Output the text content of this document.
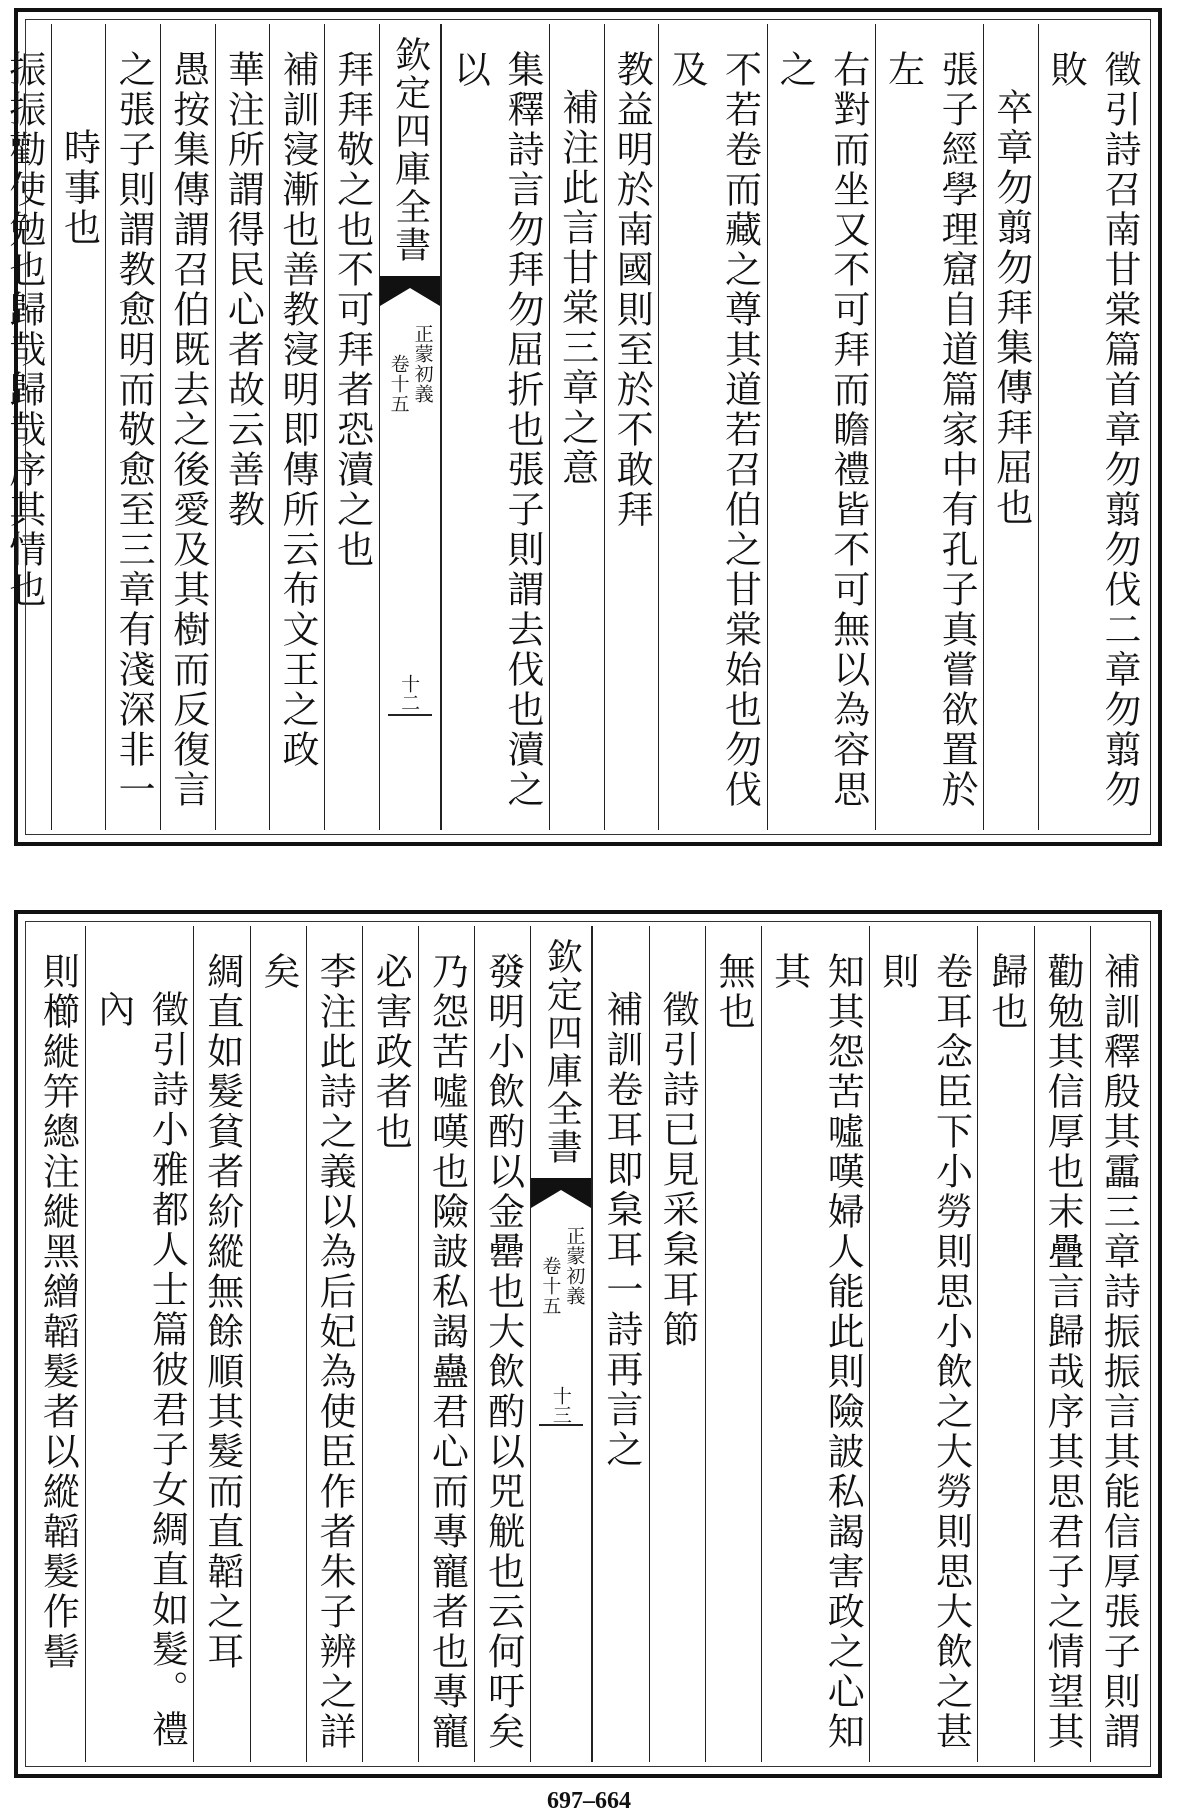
徵引詩召南甘棠篇首章勿翦勿伐二章勿翦勿敗
卒章勿翦勿拜集傳拜屈也
張子經學理窟自道篇家中有孔子真嘗欲置於左
右對而坐又不可拜而瞻禮皆不可無以為容思之
不若卷而藏之尊其道若召伯之甘棠始也勿伐及
教益明於南國則至於不敢拜
補注此言甘棠三章之意
集釋詩言勿拜勿屈折也張子則謂去伐也瀆之以
欽定四庫全書
正蒙初義
卷十五
十二
拜拜敬之也不可拜者恐瀆之也
補訓寖漸也善教寖明即傳所云布文王之政
華注所謂得民心者故云善教
愚按集傳謂召伯既去之後愛及其樹而反復言
之張子則謂教愈明而敬愈至三章有淺深非一
時事也
振振勸使勉也歸哉歸哉序其情也
補訓釋殷其靁三章詩振振言其能信厚張子則謂
勸勉其信厚也末疊言歸哉序其思君子之情望其
歸也
卷耳念臣下小勞則思小飲之大勞則思大飲之甚則
知其怨苦噓嘆婦人能此則險詖私謁害政之心知其
無也
徵引詩已見采枲耳節
補訓卷耳即枲耳一詩再言之
欽定四庫全書
正蒙初義
卷十五
十三
發明小飲酌以金罍也大飲酌以兕觥也云何吁矣
乃怨苦噓嘆也險詖私謁蠱君心而專寵者也專寵
必害政者也
李注此詩之義以為后妃為使臣作者朱子辨之詳
矣
綢直如髮貧者紒縱無餘順其髮而直韜之耳
徵引詩小雅都人士篇彼君子女綢直如髮。禮內
則櫛縰笄總注縰黑繒韜髮者以縱韜髮作髻
697–664
